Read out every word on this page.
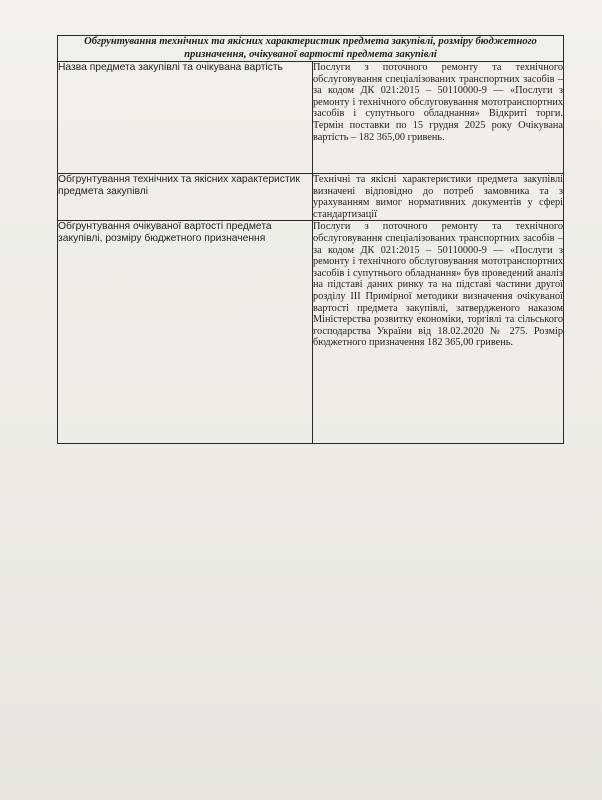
Обгрунтування технічних та якісних характеристик предмета закупівлі, розміру бюджетного призначення, очікуваної вартості предмета закупівлі	
Назва предмета закупівлі та очікувана вартість	Послуги з поточного ремонту та технічного обслуговування спеціалізованих транспортних засобів – за кодом ДК 021:2015 – 50110000-9 — «Послуги з ремонту і технічного обслуговування мототранспортних засобів і супутнього обладнання» Відкриті торги. Термін поставки по 15 грудня 2025 року Очікувана вартість – 182 365,00 гривень.
Обгрунтування технічних та якісних характеристик предмета закупівлі	Технічні та якісні характеристики предмета закупівлі визначені відповідно до потреб замовника та з урахуванням вимог нормативних документів у сфері стандартизації
Обгрунтування очікуваної вартості предмета закупівлі, розміру бюджетного призначення	Послуги з поточного ремонту та технічного обслуговування спеціалізованих транспортних засобів – за кодом ДК 021:2015 – 50110000-9 — «Послуги з ремонту і технічного обслуговування мототранспортних засобів і супутнього обладнання» був проведений аналіз на підставі даних ринку та на підставі частини другої розділу ІІІ Примірної методики визначення очікуваної вартості предмета закупівлі, затвердженого наказом Міністерства розвитку економіки, торгівлі та сільського господарства України від 18.02.2020 № 275. Розмір бюджетного призначення 182 365,00 гривень.
